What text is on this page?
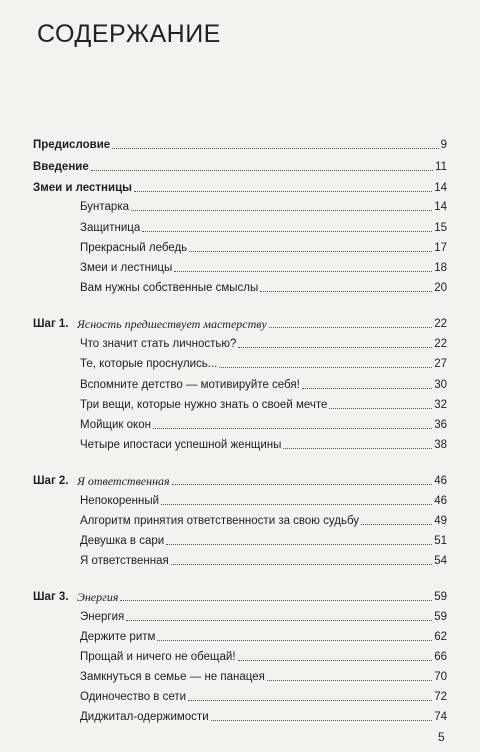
СОДЕРЖАНИЕ
Предисловие	9
Введение	11
Змеи и лестницы	14
Бунтарка	14
Защитница	15
Прекрасный лебедь	17
Змеи и лестницы	18
Вам нужны собственные смыслы	20
Шаг 1. Ясность предшествует мастерству	22
Что значит стать личностью?	22
Те, которые проснулись...	27
Вспомните детство — мотивируйте себя!	30
Три вещи, которые нужно знать о своей мечте	32
Мойщик окон	36
Четыре ипостаси успешной женщины	38
Шаг 2. Я ответственная	46
Непокоренный	46
Алгоритм принятия ответственности за свою судьбу	49
Девушка в сари	51
Я ответственная	54
Шаг 3. Энергия	59
Энергия	59
Держите ритм	62
Прощай и ничего не обещай!	66
Замкнуться в семье — не панацея	70
Одиночество в сети	72
Диджитал-одержимости	74
5
